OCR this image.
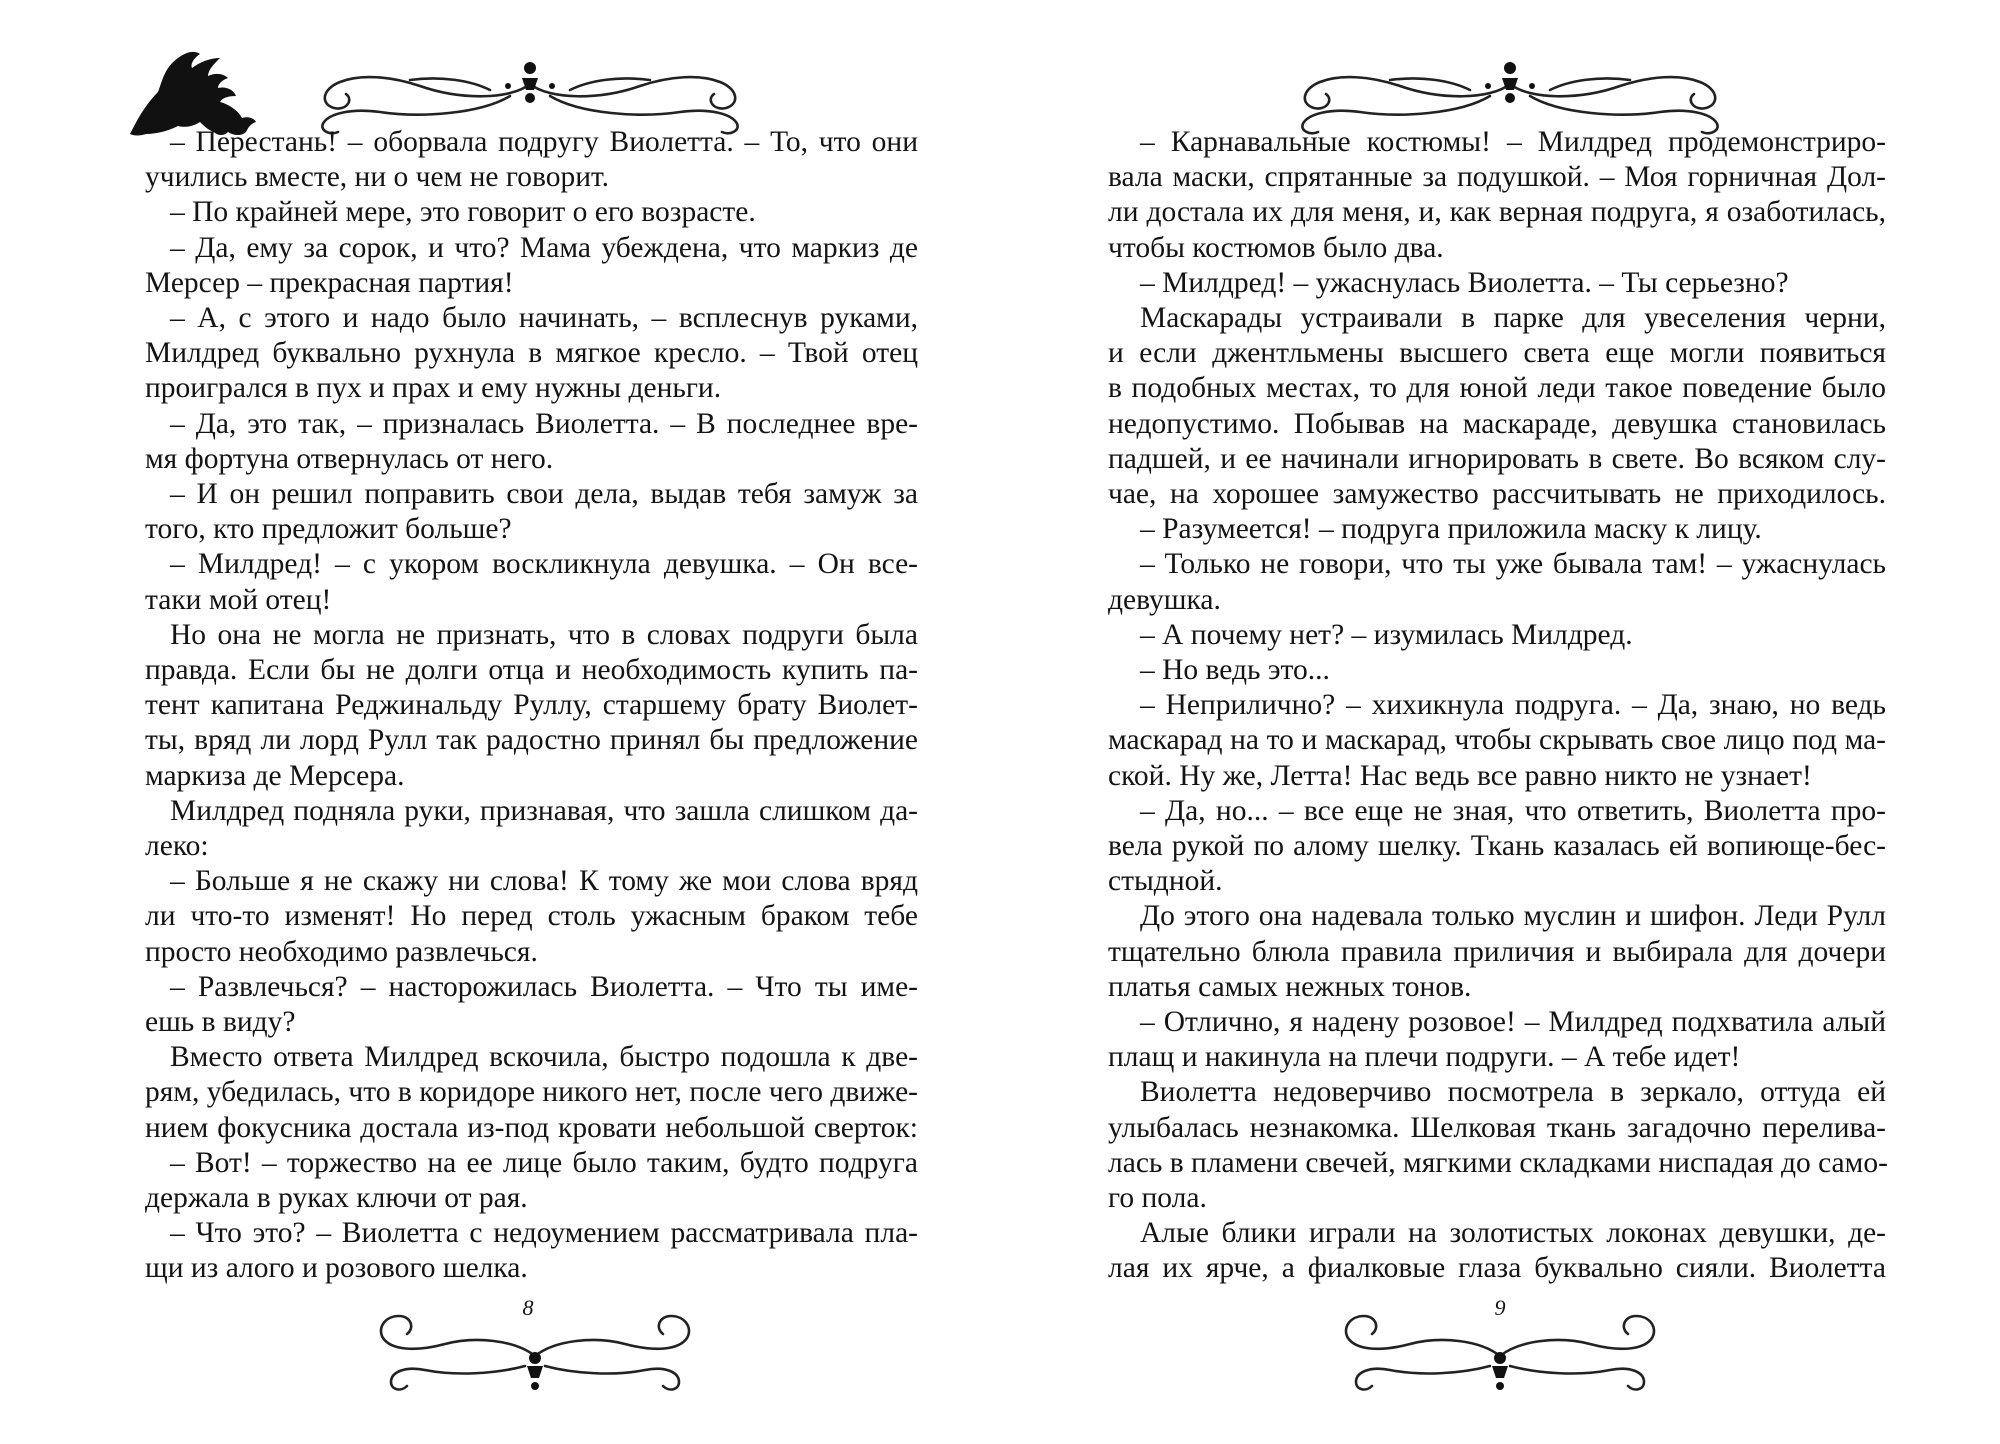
– Перестань! – оборвала подругу Виолетта. – То, что они
учились вместе, ни о чем не говорит.
– По крайней мере, это говорит о его возрасте.
– Да, ему за сорок, и что? Мама убеждена, что маркиз де
Мерсер – прекрасная партия!
– А, с этого и надо было начинать, – всплеснув руками,
Милдред буквально рухнула в мягкое кресло. – Твой отец
проигрался в пух и прах и ему нужны деньги.
– Да, это так, – призналась Виолетта. – В последнее вре-
мя фортуна отвернулась от него.
– И он решил поправить свои дела, выдав тебя замуж за
того, кто предложит больше?
– Милдред! – с укором воскликнула девушка. – Он все-
таки мой отец!
Но она не могла не признать, что в словах подруги была
правда. Если бы не долги отца и необходимость купить па-
тент капитана Реджинальду Руллу, старшему брату Виолет-
ты, вряд ли лорд Рулл так радостно принял бы предложение
маркиза де Мерсера.
Милдред подняла руки, признавая, что зашла слишком да-
леко:
– Больше я не скажу ни слова! К тому же мои слова вряд
ли что-то изменят! Но перед столь ужасным браком тебе
просто необходимо развлечься.
– Развлечься? – насторожилась Виолетта. – Что ты име-
ешь в виду?
Вместо ответа Милдред вскочила, быстро подошла к две-
рям, убедилась, что в коридоре никого нет, после чего движе-
нием фокусника достала из-под кровати небольшой сверток:
– Вот! – торжество на ее лице было таким, будто подруга
держала в руках ключи от рая.
– Что это? – Виолетта с недоумением рассматривала пла-
щи из алого и розового шелка.
8
– Карнавальные костюмы! – Милдред продемонстриро-
вала маски, спрятанные за подушкой. – Моя горничная Дол-
ли достала их для меня, и, как верная подруга, я озаботилась,
чтобы костюмов было два.
– Милдред! – ужаснулась Виолетта. – Ты серьезно?
Маскарады устраивали в парке для увеселения черни,
и если джентльмены высшего света еще могли появиться
в подобных местах, то для юной леди такое поведение было
недопустимо. Побывав на маскараде, девушка становилась
падшей, и ее начинали игнорировать в свете. Во всяком слу-
чае, на хорошее замужество рассчитывать не приходилось.
– Разумеется! – подруга приложила маску к лицу.
– Только не говори, что ты уже бывала там! – ужаснулась
девушка.
– А почему нет? – изумилась Милдред.
– Но ведь это...
– Неприлично? – хихикнула подруга. – Да, знаю, но ведь
маскарад на то и маскарад, чтобы скрывать свое лицо под ма-
ской. Ну же, Летта! Нас ведь все равно никто не узнает!
– Да, но... – все еще не зная, что ответить, Виолетта про-
вела рукой по алому шелку. Ткань казалась ей вопиюще-бес-
стыдной.
До этого она надевала только муслин и шифон. Леди Рулл
тщательно блюла правила приличия и выбирала для дочери
платья самых нежных тонов.
– Отлично, я надену розовое! – Милдред подхватила алый
плащ и накинула на плечи подруги. – А тебе идет!
Виолетта недоверчиво посмотрела в зеркало, оттуда ей
улыбалась незнакомка. Шелковая ткань загадочно перелива-
лась в пламени свечей, мягкими складками ниспадая до само-
го пола.
Алые блики играли на золотистых локонах девушки, де-
лая их ярче, а фиалковые глаза буквально сияли. Виолетта
9
